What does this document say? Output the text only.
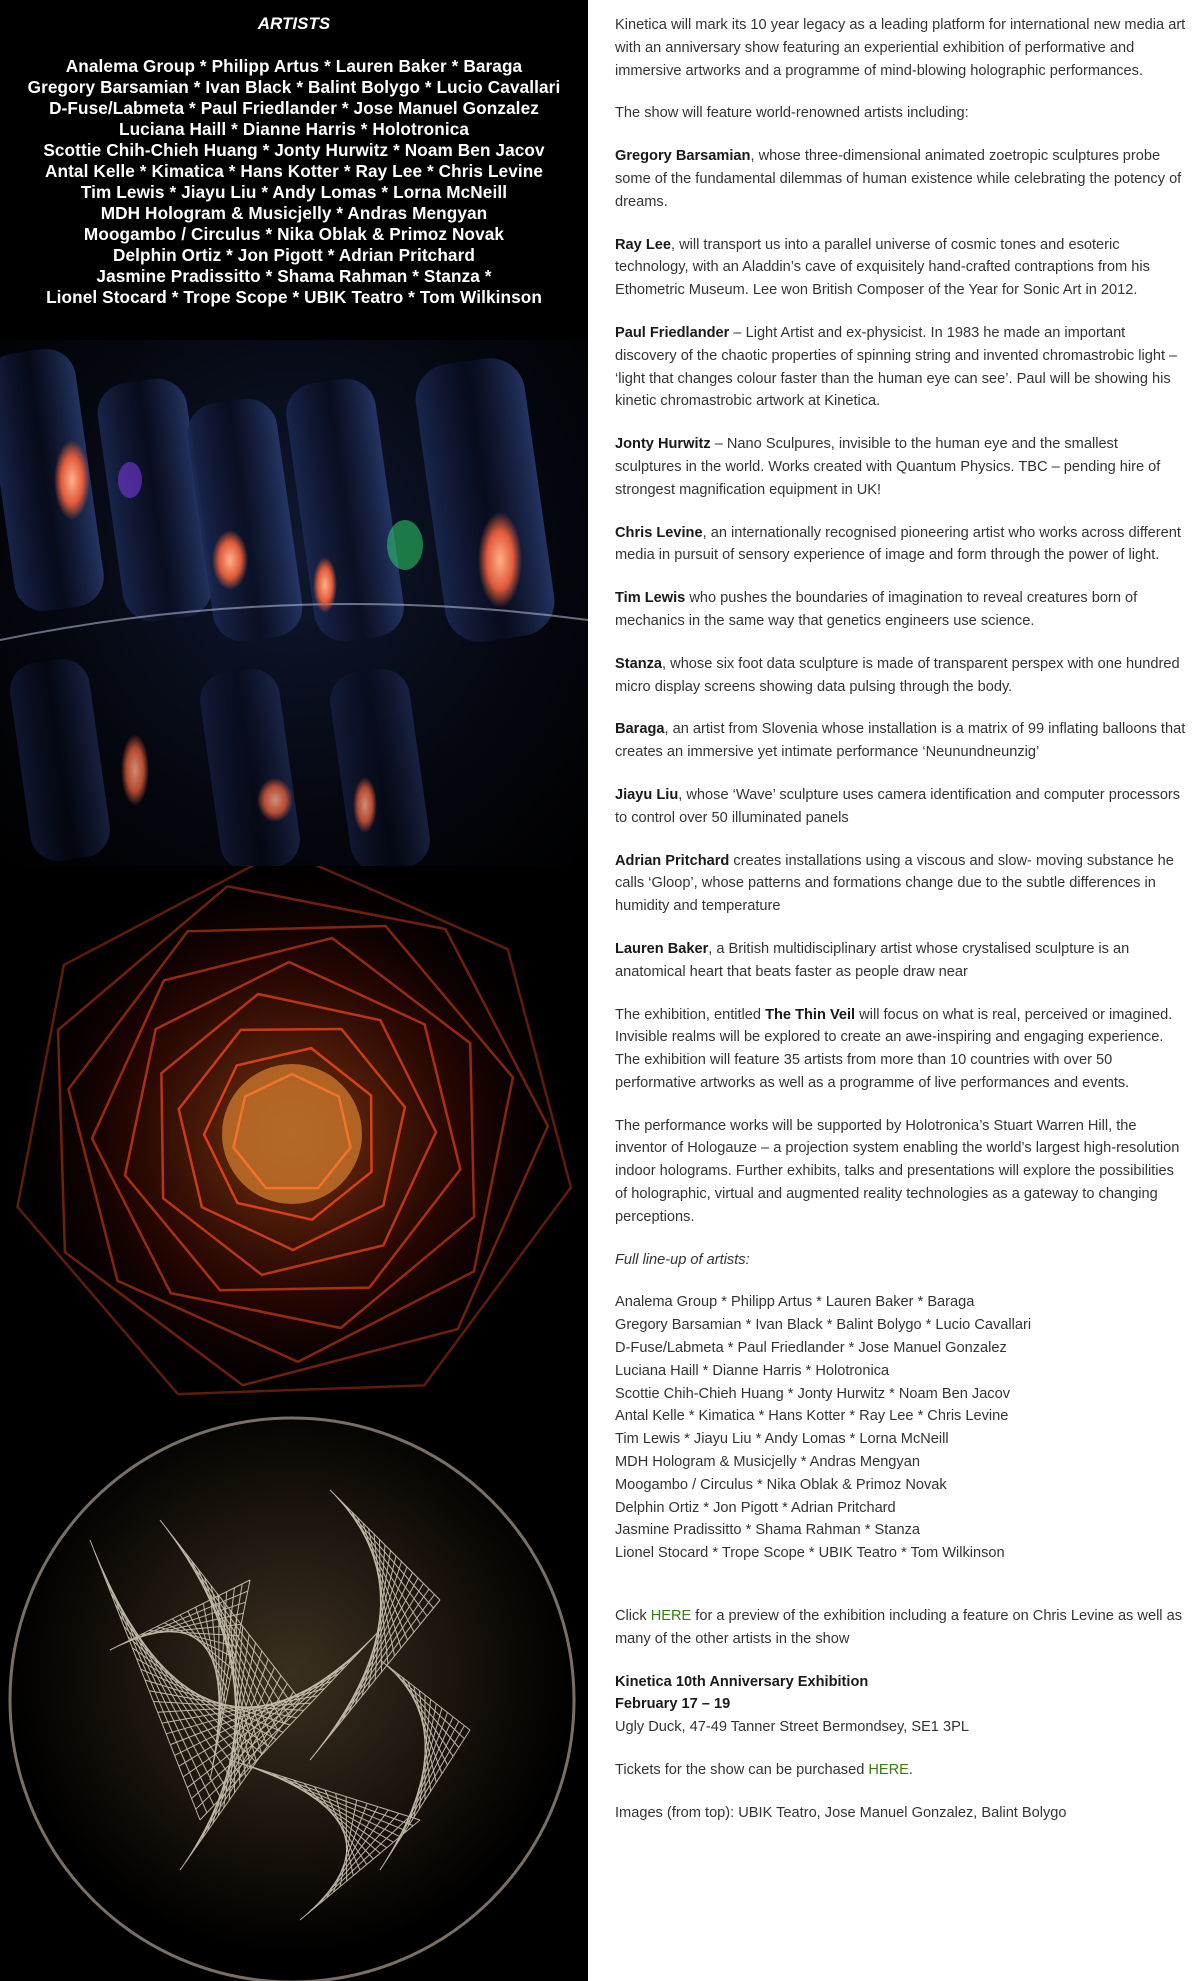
ARTISTS
Analema Group * Philipp Artus * Lauren Baker * Baraga
Gregory Barsamian * Ivan Black * Balint Bolygo * Lucio Cavallari
D-Fuse/Labmeta * Paul Friedlander * Jose Manuel Gonzalez
Luciana Haill * Dianne Harris * Holotronica
Scottie Chih-Chieh Huang * Jonty Hurwitz * Noam Ben Jacov
Antal Kelle * Kimatica * Hans Kotter * Ray Lee * Chris Levine
Tim Lewis * Jiayu Liu * Andy Lomas * Lorna McNeill
MDH Hologram & Musicjelly * Andras Mengyan
Moogambo / Circulus * Nika Oblak & Primoz Novak
Delphin Ortiz * Jon Pigott * Adrian Pritchard
Jasmine Pradissitto * Shama Rahman * Stanza *
Lionel Stocard * Trope Scope * UBIK Teatro * Tom Wilkinson

Kinetica will mark its 10 year legacy as a leading platform for international new media art with an anniversary show featuring an experiential exhibition of performative and immersive artworks and a programme of mind-blowing holographic performances.

The show will feature world-renowned artists including:

Gregory Barsamian, whose three-dimensional animated zoetropic sculptures probe some of the fundamental dilemmas of human existence while celebrating the potency of dreams.

Ray Lee, will transport us into a parallel universe of cosmic tones and esoteric technology, with an Aladdin’s cave of exquisitely hand-crafted contraptions from his Ethometric Museum. Lee won British Composer of the Year for Sonic Art in 2012.

Paul Friedlander – Light Artist and ex-physicist. In 1983 he made an important discovery of the chaotic properties of spinning string and invented chromastrobic light – ‘light that changes colour faster than the human eye can see’. Paul will be showing his kinetic chromastrobic artwork at Kinetica.

Jonty Hurwitz – Nano Sculpures, invisible to the human eye and the smallest sculptures in the world. Works created with Quantum Physics. TBC – pending hire of strongest magnification equipment in UK!

Chris Levine, an internationally recognised pioneering artist who works across different media in pursuit of sensory experience of image and form through the power of light.

Tim Lewis who pushes the boundaries of imagination to reveal creatures born of mechanics in the same way that genetics engineers use science.

Stanza, whose six foot data sculpture is made of transparent perspex with one hundred micro display screens showing data pulsing through the body.

Baraga, an artist from Slovenia whose installation is a matrix of 99 inflating balloons that creates an immersive yet intimate performance ‘Neunundneunzig’

Jiayu Liu, whose ‘Wave’ sculpture uses camera identification and computer processors to control over 50 illuminated panels

Adrian Pritchard creates installations using a viscous and slow- moving substance he calls ‘Gloop’, whose patterns and formations change due to the subtle differences in humidity and temperature

Lauren Baker, a British multidisciplinary artist whose crystalised sculpture is an anatomical heart that beats faster as people draw near

The exhibition, entitled The Thin Veil will focus on what is real, perceived or imagined. Invisible realms will be explored to create an awe-inspiring and engaging experience. The exhibition will feature 35 artists from more than 10 countries with over 50 performative artworks as well as a programme of live performances and events.

The performance works will be supported by Holotronica’s Stuart Warren Hill, the inventor of Hologauze – a projection system enabling the world’s largest high-resolution indoor holograms. Further exhibits, talks and presentations will explore the possibilities of holographic, virtual and augmented reality technologies as a gateway to changing perceptions.

Full line-up of artists:

Analema Group * Philipp Artus * Lauren Baker * Baraga
Gregory Barsamian * Ivan Black * Balint Bolygo * Lucio Cavallari
D-Fuse/Labmeta * Paul Friedlander * Jose Manuel Gonzalez
Luciana Haill * Dianne Harris * Holotronica
Scottie Chih-Chieh Huang * Jonty Hurwitz * Noam Ben Jacov
Antal Kelle * Kimatica * Hans Kotter * Ray Lee * Chris Levine
Tim Lewis * Jiayu Liu * Andy Lomas * Lorna McNeill
MDH Hologram & Musicjelly * Andras Mengyan
Moogambo / Circulus * Nika Oblak & Primoz Novak
Delphin Ortiz * Jon Pigott * Adrian Pritchard
Jasmine Pradissitto * Shama Rahman * Stanza
Lionel Stocard * Trope Scope * UBIK Teatro * Tom Wilkinson

Click HERE for a preview of the exhibition including a feature on Chris Levine as well as many of the other artists in the show

Kinetica 10th Anniversary Exhibition
February 17 – 19
Ugly Duck, 47-49 Tanner Street Bermondsey, SE1 3PL

Tickets for the show can be purchased HERE.

Images (from top): UBIK Teatro, Jose Manuel Gonzalez, Balint Bolygo
